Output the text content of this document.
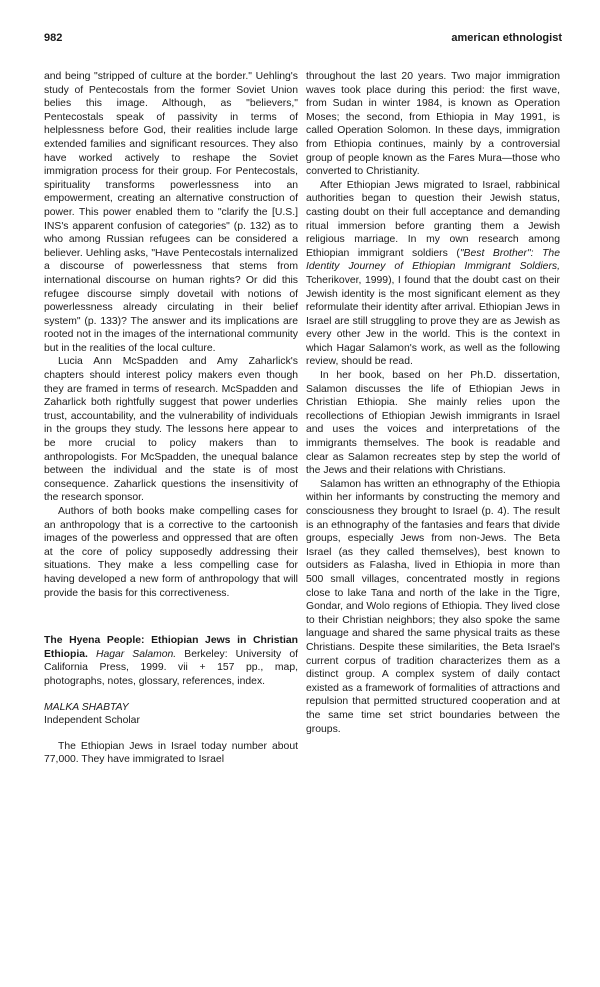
982	american ethnologist

and being "stripped of culture at the border." Uehling's study of Pentecostals from the former Soviet Union belies this image. Although, as "believers," Pentecostals speak of passivity in terms of helplessness before God, their realities include large extended families and significant resources. They also have worked actively to reshape the Soviet immigration process for their group. For Pentecostals, spirituality transforms powerlessness into an empowerment, creating an alternative construction of power. This power enabled them to "clarify the [U.S.] INS's apparent confusion of categories" (p. 132) as to who among Russian refugees can be considered a believer. Uehling asks, "Have Pentecostals internalized a discourse of powerlessness that stems from international discourse on human rights? Or did this refugee discourse simply dovetail with notions of powerlessness already circulating in their belief system" (p. 133)? The answer and its implications are rooted not in the images of the international community but in the realities of the local culture.

Lucia Ann McSpadden and Amy Zaharlick's chapters should interest policy makers even though they are framed in terms of research. McSpadden and Zaharlick both rightfully suggest that power underlies trust, accountability, and the vulnerability of individuals in the groups they study. The lessons here appear to be more crucial to policy makers than to anthropologists. For McSpadden, the unequal balance between the individual and the state is of most consequence. Zaharlick questions the insensitivity of the research sponsor.

Authors of both books make compelling cases for an anthropology that is a corrective to the cartoonish images of the powerless and oppressed that are often at the core of policy supposedly addressing their situations. They make a less compelling case for having developed a new form of anthropology that will provide the basis for this correctiveness.

The Hyena People: Ethiopian Jews in Christian Ethiopia. Hagar Salamon. Berkeley: University of California Press, 1999. vii + 157 pp., map, photographs, notes, glossary, references, index.

MALKA SHABTAY
Independent Scholar

The Ethiopian Jews in Israel today number about 77,000. They have immigrated to Israel

throughout the last 20 years. Two major immigration waves took place during this period: the first wave, from Sudan in winter 1984, is known as Operation Moses; the second, from Ethiopia in May 1991, is called Operation Solomon. In these days, immigration from Ethiopia continues, mainly by a controversial group of people known as the Fares Mura—those who converted to Christianity.

After Ethiopian Jews migrated to Israel, rabbinical authorities began to question their Jewish status, casting doubt on their full acceptance and demanding ritual immersion before granting them a Jewish religious marriage. In my own research among Ethiopian immigrant soldiers ("Best Brother": The Identity Journey of Ethiopian Immigrant Soldiers, Tcherikover, 1999), I found that the doubt cast on their Jewish identity is the most significant element as they reformulate their identity after arrival. Ethiopian Jews in Israel are still struggling to prove they are as Jewish as every other Jew in the world. This is the context in which Hagar Salamon's work, as well as the following review, should be read.

In her book, based on her Ph.D. dissertation, Salamon discusses the life of Ethiopian Jews in Christian Ethiopia. She mainly relies upon the recollections of Ethiopian Jewish immigrants in Israel and uses the voices and interpretations of the immigrants themselves. The book is readable and clear as Salamon recreates step by step the world of the Jews and their relations with Christians.

Salamon has written an ethnography of the Ethiopia within her informants by constructing the memory and consciousness they brought to Israel (p. 4). The result is an ethnography of the fantasies and fears that divide groups, especially Jews from non-Jews. The Beta Israel (as they called themselves), best known to outsiders as Falasha, lived in Ethiopia in more than 500 small villages, concentrated mostly in regions close to lake Tana and north of the lake in the Tigre, Gondar, and Wolo regions of Ethiopia. They lived close to their Christian neighbors; they also spoke the same language and shared the same physical traits as these Christians. Despite these similarities, the Beta Israel's current corpus of tradition characterizes them as a distinct group. A complex system of daily contact existed as a framework of formalities of attractions and repulsion that permitted structured cooperation and at the same time set strict boundaries between the groups.
